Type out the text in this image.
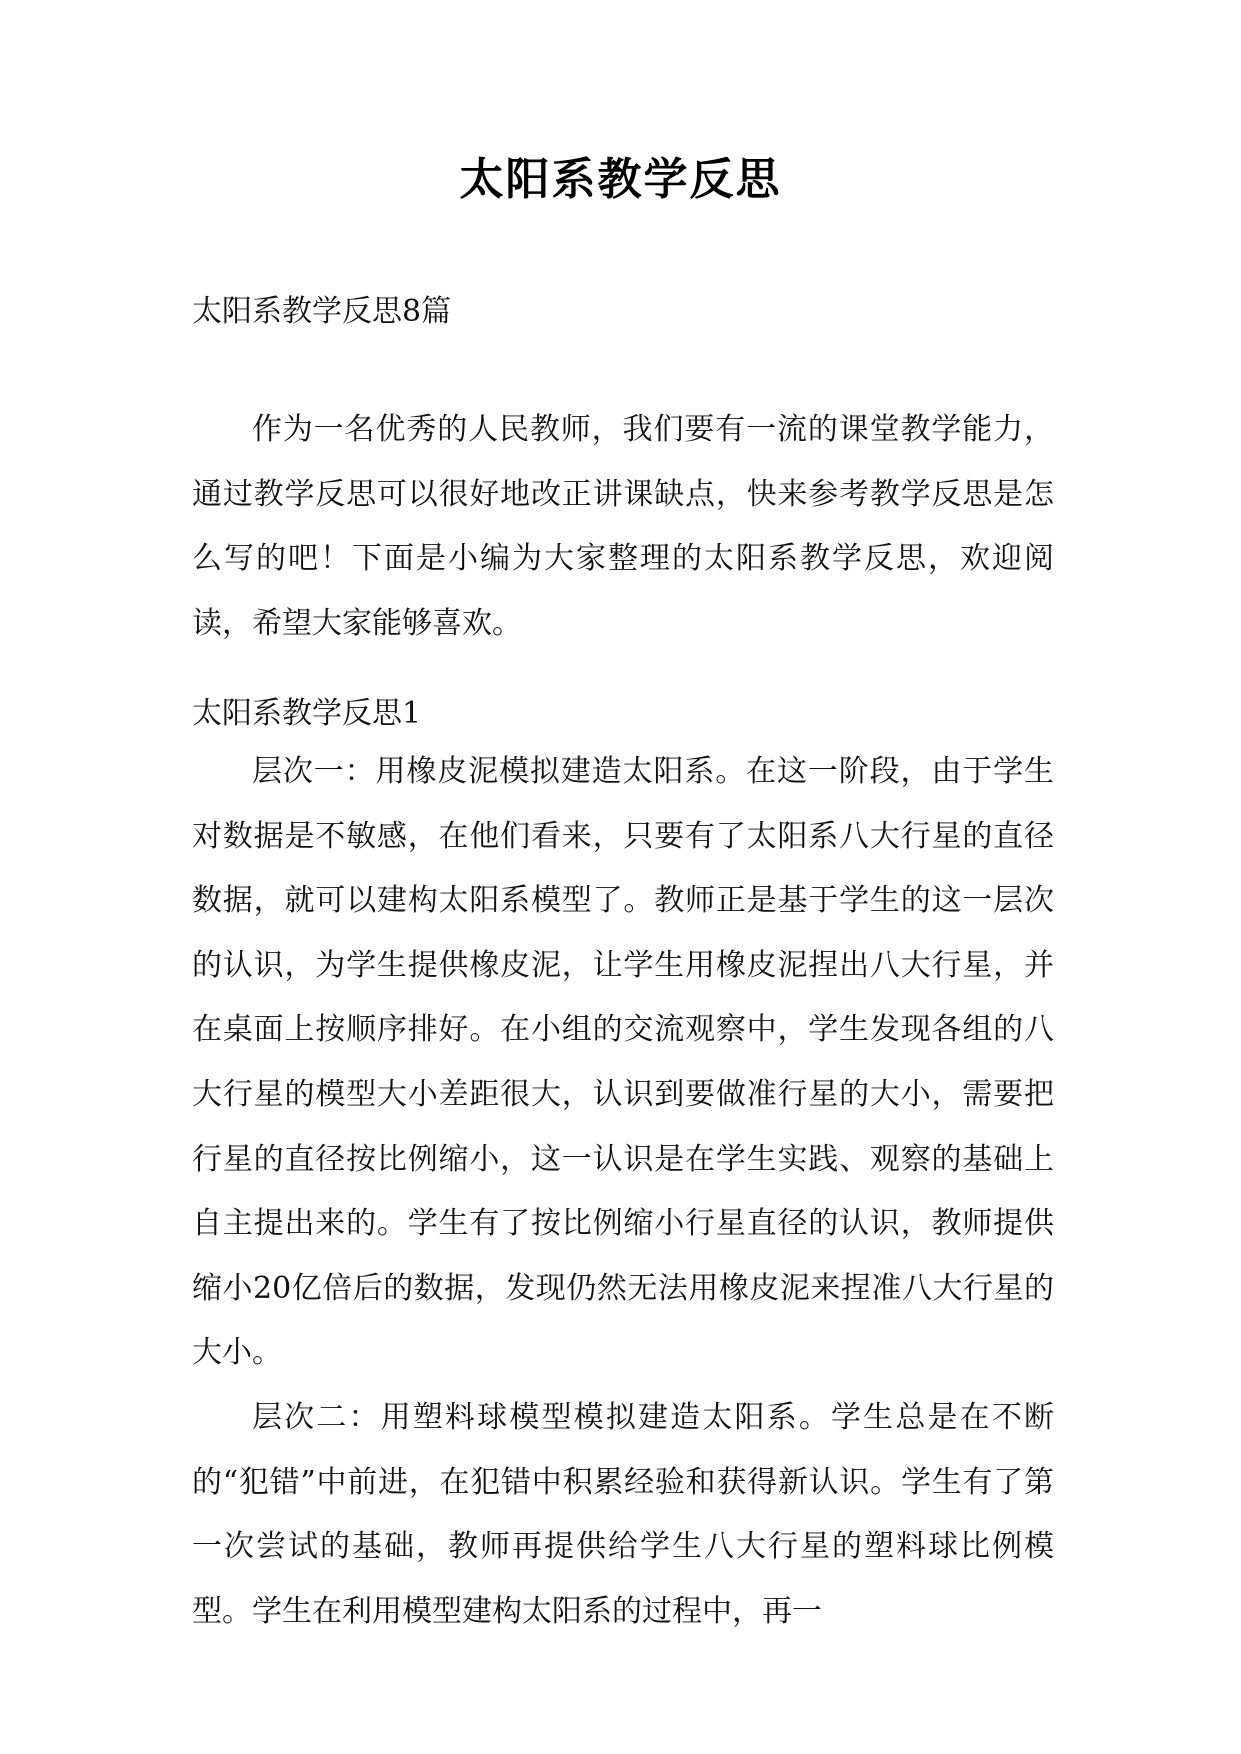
太阳系教学反思
太阳系教学反思8篇

作为一名优秀的人民教师，我们要有一流的课堂教学能力，通过教学反思可以很好地改正讲课缺点，快来参考教学反思是怎么写的吧！下面是小编为大家整理的太阳系教学反思，欢迎阅读，希望大家能够喜欢。

太阳系教学反思1

层次一：用橡皮泥模拟建造太阳系。在这一阶段，由于学生对数据是不敏感，在他们看来，只要有了太阳系八大行星的直径数据，就可以建构太阳系模型了。教师正是基于学生的这一层次的认识，为学生提供橡皮泥，让学生用橡皮泥捏出八大行星，并在桌面上按顺序排好。在小组的交流观察中，学生发现各组的八大行星的模型大小差距很大，认识到要做准行星的大小，需要把行星的直径按比例缩小，这一认识是在学生实践、观察的基础上自主提出来的。学生有了按比例缩小行星直径的认识，教师提供缩小20亿倍后的数据，发现仍然无法用橡皮泥来捏准八大行星的大小。

层次二：用塑料球模型模拟建造太阳系。学生总是在不断的“犯错”中前进，在犯错中积累经验和获得新认识。学生有了第一次尝试的基础，教师再提供给学生八大行星的塑料球比例模型。学生在利用模型建构太阳系的过程中，再一
